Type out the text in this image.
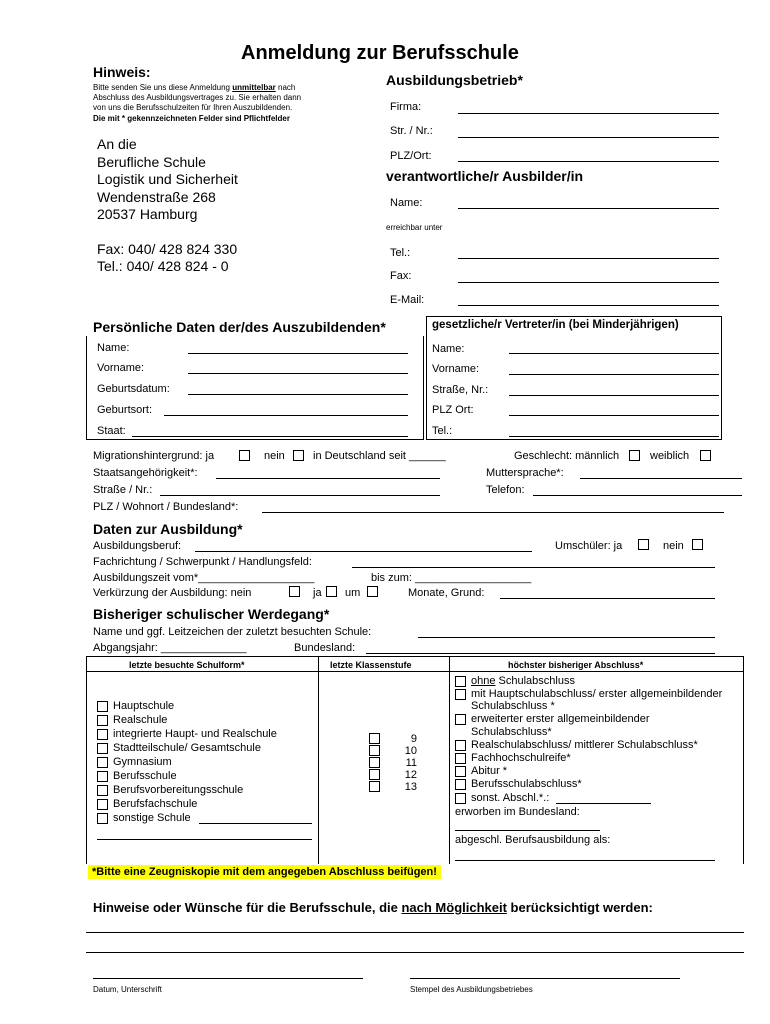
Anmeldung zur Berufsschule
Hinweis:
Bitte senden Sie uns diese Anmeldung unmittelbar nach
Abschluss des Ausbildungsvertrages zu. Sie erhalten dann
von uns die Berufsschulzeiten für Ihren Auszubildenden.
Die mit * gekennzeichneten Felder sind Pflichtfelder
An die
Berufliche Schule
Logistik und Sicherheit
Wendenstraße 268
20537 Hamburg
Fax: 040/ 428 824 330
Tel.: 040/ 428 824 - 0
Ausbildungsbetrieb*
Firma:
Str. / Nr.:
PLZ/Ort:
verantwortliche/r Ausbilder/in
Name:
erreichbar unter
Tel.:
Fax:
E-Mail:
Persönliche Daten der/des Auszubildenden*
Name:
Vorname:
Geburtsdatum:
Geburtsort:
Staat:
gesetzliche/r Vertreter/in (bei Minderjährigen)
Name:
Vorname:
Straße, Nr.:
PLZ Ort:
Tel.:
Migrationshintergrund: ja	nein	in Deutschland seit ______	Geschlecht: männlich	weiblich
Staatsangehörigkeit*:	Muttersprache*:
Straße / Nr.:	Telefon:
PLZ / Wohnort / Bundesland*:
Daten zur Ausbildung*
Ausbildungsberuf:	Umschüler: ja	nein
Fachrichtung / Schwerpunkt / Handlungsfeld:
Ausbildungszeit vom*___________________	bis zum: ___________________
Verkürzung der Ausbildung: nein	ja um	Monate, Grund:
Bisheriger schulischer Werdegang*
Name und ggf. Leitzeichen der zuletzt besuchten Schule:
Abgangsjahr: ______________	Bundesland:
letzte besuchte Schulform*	letzte Klassenstufe	höchster bisheriger Abschluss*
Hauptschule
Realschule
integrierte Haupt- und Realschule
Stadtteilschule/ Gesamtschule
Gymnasium
Berufsschule
Berufsvorbereitungsschule
Berufsfachschule
sonstige Schule
9
10
11
12
13
ohne Schulabschluss
mit Hauptschulabschluss/ erster allgemeinbildender
Schulabschluss *
erweiterter erster allgemeinbildender
Schulabschluss*
Realschulabschluss/ mittlerer Schulabschluss*
Fachhochschulreife*
Abitur *
Berufsschulabschluss*
sonst. Abschl.*.:
erworben im Bundesland:
abgeschl. Berufsausbildung als:
*Bitte eine Zeugniskopie mit dem angegeben Abschluss beifügen!
Hinweise oder Wünsche für die Berufsschule, die nach Möglichkeit berücksichtigt werden:
Datum, Unterschrift	Stempel des Ausbildungsbetriebes
